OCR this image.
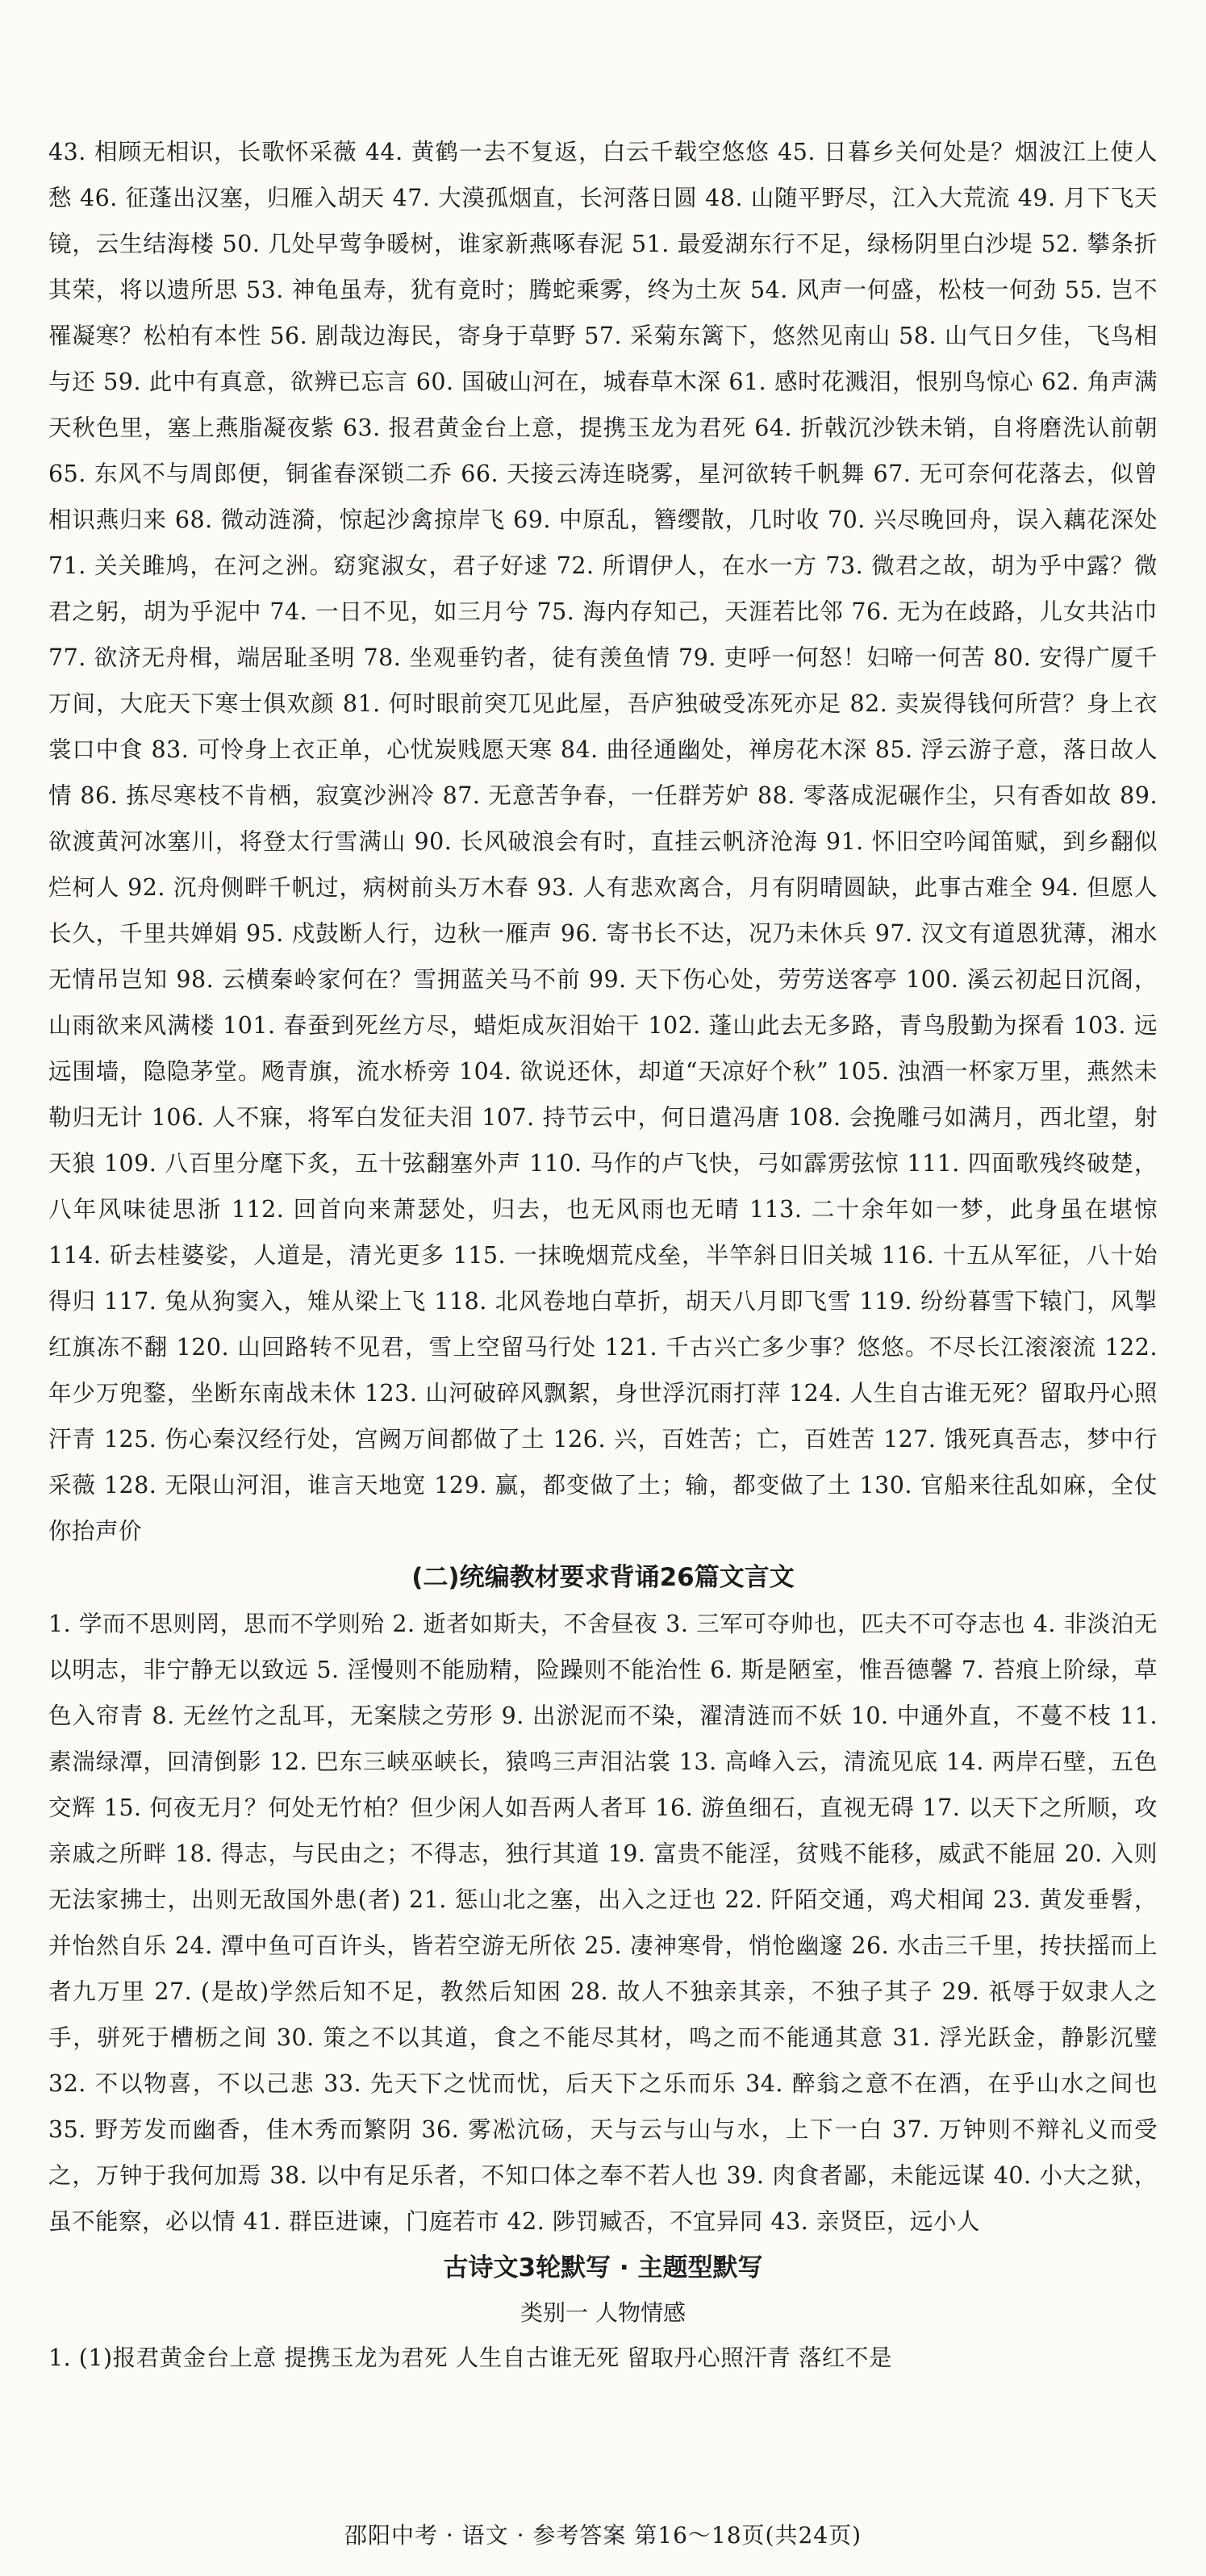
43. 相顾无相识，长歌怀采薇 44. 黄鹤一去不复返，白云千载空悠悠 45. 日暮乡关何处是？烟波江上使人愁 46. 征蓬出汉塞，归雁入胡天 47. 大漠孤烟直，长河落日圆 48. 山随平野尽，江入大荒流 49. 月下飞天镜，云生结海楼 50. 几处早莺争暖树，谁家新燕啄春泥 51. 最爱湖东行不足，绿杨阴里白沙堤 52. 攀条折其荣，将以遗所思 53. 神龟虽寿，犹有竟时；腾蛇乘雾，终为土灰 54. 风声一何盛，松枝一何劲 55. 岂不罹凝寒？松柏有本性 56. 剧哉边海民，寄身于草野 57. 采菊东篱下，悠然见南山 58. 山气日夕佳，飞鸟相与还 59. 此中有真意，欲辨已忘言 60. 国破山河在，城春草木深 61. 感时花溅泪，恨别鸟惊心 62. 角声满天秋色里，塞上燕脂凝夜紫 63. 报君黄金台上意，提携玉龙为君死 64. 折戟沉沙铁未销，自将磨洗认前朝 65. 东风不与周郎便，铜雀春深锁二乔 66. 天接云涛连晓雾，星河欲转千帆舞 67. 无可奈何花落去，似曾相识燕归来 68. 微动涟漪，惊起沙禽掠岸飞 69. 中原乱，簪缨散，几时收 70. 兴尽晚回舟，误入藕花深处 71. 关关雎鸠，在河之洲。窈窕淑女，君子好逑 72. 所谓伊人，在水一方 73. 微君之故，胡为乎中露？微君之躬，胡为乎泥中 74. 一日不见，如三月兮 75. 海内存知己，天涯若比邻 76. 无为在歧路，儿女共沾巾 77. 欲济无舟楫，端居耻圣明 78. 坐观垂钓者，徒有羡鱼情 79. 吏呼一何怒！妇啼一何苦 80. 安得广厦千万间，大庇天下寒士俱欢颜 81. 何时眼前突兀见此屋，吾庐独破受冻死亦足 82. 卖炭得钱何所营？身上衣裳口中食 83. 可怜身上衣正单，心忧炭贱愿天寒 84. 曲径通幽处，禅房花木深 85. 浮云游子意，落日故人情 86. 拣尽寒枝不肯栖，寂寞沙洲冷 87. 无意苦争春，一任群芳妒 88. 零落成泥碾作尘，只有香如故 89. 欲渡黄河冰塞川，将登太行雪满山 90. 长风破浪会有时，直挂云帆济沧海 91. 怀旧空吟闻笛赋，到乡翻似烂柯人 92. 沉舟侧畔千帆过，病树前头万木春 93. 人有悲欢离合，月有阴晴圆缺，此事古难全 94. 但愿人长久，千里共婵娟 95. 戍鼓断人行，边秋一雁声 96. 寄书长不达，况乃未休兵 97. 汉文有道恩犹薄，湘水无情吊岂知 98. 云横秦岭家何在？雪拥蓝关马不前 99. 天下伤心处，劳劳送客亭 100. 溪云初起日沉阁，山雨欲来风满楼 101. 春蚕到死丝方尽，蜡炬成灰泪始干 102. 蓬山此去无多路，青鸟殷勤为探看 103. 远远围墙，隐隐茅堂。飏青旗，流水桥旁 104. 欲说还休，却道“天凉好个秋” 105. 浊酒一杯家万里，燕然未勒归无计 106. 人不寐，将军白发征夫泪 107. 持节云中，何日遣冯唐 108. 会挽雕弓如满月，西北望，射天狼 109. 八百里分麾下炙，五十弦翻塞外声 110. 马作的卢飞快，弓如霹雳弦惊 111. 四面歌残终破楚，八年风味徒思浙 112. 回首向来萧瑟处，归去，也无风雨也无晴 113. 二十余年如一梦，此身虽在堪惊 114. 斫去桂婆娑，人道是，清光更多 115. 一抹晚烟荒戍垒，半竿斜日旧关城 116. 十五从军征，八十始得归 117. 兔从狗窦入，雉从梁上飞 118. 北风卷地白草折，胡天八月即飞雪 119. 纷纷暮雪下辕门，风掣红旗冻不翻 120. 山回路转不见君，雪上空留马行处 121. 千古兴亡多少事？悠悠。不尽长江滚滚流 122. 年少万兜鍪，坐断东南战未休 123. 山河破碎风飘絮，身世浮沉雨打萍 124. 人生自古谁无死？留取丹心照汗青 125. 伤心秦汉经行处，宫阙万间都做了土 126. 兴，百姓苦；亡，百姓苦 127. 饿死真吾志，梦中行采薇 128. 无限山河泪，谁言天地宽 129. 赢，都变做了土；输，都变做了土 130. 官船来往乱如麻，全仗你抬声价

(二)统编教材要求背诵26篇文言文

1. 学而不思则罔，思而不学则殆 2. 逝者如斯夫，不舍昼夜 3. 三军可夺帅也，匹夫不可夺志也 4. 非淡泊无以明志，非宁静无以致远 5. 淫慢则不能励精，险躁则不能治性 6. 斯是陋室，惟吾德馨 7. 苔痕上阶绿，草色入帘青 8. 无丝竹之乱耳，无案牍之劳形 9. 出淤泥而不染，濯清涟而不妖 10. 中通外直，不蔓不枝 11. 素湍绿潭，回清倒影 12. 巴东三峡巫峡长，猿鸣三声泪沾裳 13. 高峰入云，清流见底 14. 两岸石壁，五色交辉 15. 何夜无月？何处无竹柏？但少闲人如吾两人者耳 16. 游鱼细石，直视无碍 17. 以天下之所顺，攻亲戚之所畔 18. 得志，与民由之；不得志，独行其道 19. 富贵不能淫，贫贱不能移，威武不能屈 20. 入则无法家拂士，出则无敌国外患(者) 21. 惩山北之塞，出入之迂也 22. 阡陌交通，鸡犬相闻 23. 黄发垂髫，并怡然自乐 24. 潭中鱼可百许头，皆若空游无所依 25. 凄神寒骨，悄怆幽邃 26. 水击三千里，抟扶摇而上者九万里 27. (是故)学然后知不足，教然后知困 28. 故人不独亲其亲，不独子其子 29. 祇辱于奴隶人之手，骈死于槽枥之间 30. 策之不以其道，食之不能尽其材，鸣之而不能通其意 31. 浮光跃金，静影沉璧 32. 不以物喜，不以己悲 33. 先天下之忧而忧，后天下之乐而乐 34. 醉翁之意不在酒，在乎山水之间也 35. 野芳发而幽香，佳木秀而繁阴 36. 雾凇沆砀，天与云与山与水，上下一白 37. 万钟则不辩礼义而受之，万钟于我何加焉 38. 以中有足乐者，不知口体之奉不若人也 39. 肉食者鄙，未能远谋 40. 小大之狱，虽不能察，必以情 41. 群臣进谏，门庭若市 42. 陟罚臧否，不宜异同 43. 亲贤臣，远小人

古诗文3轮默写 · 主题型默写

类别一 人物情感

1. (1)报君黄金台上意 提携玉龙为君死 人生自古谁无死 留取丹心照汗青 落红不是

邵阳中考 · 语文 · 参考答案 第16～18页(共24页)
